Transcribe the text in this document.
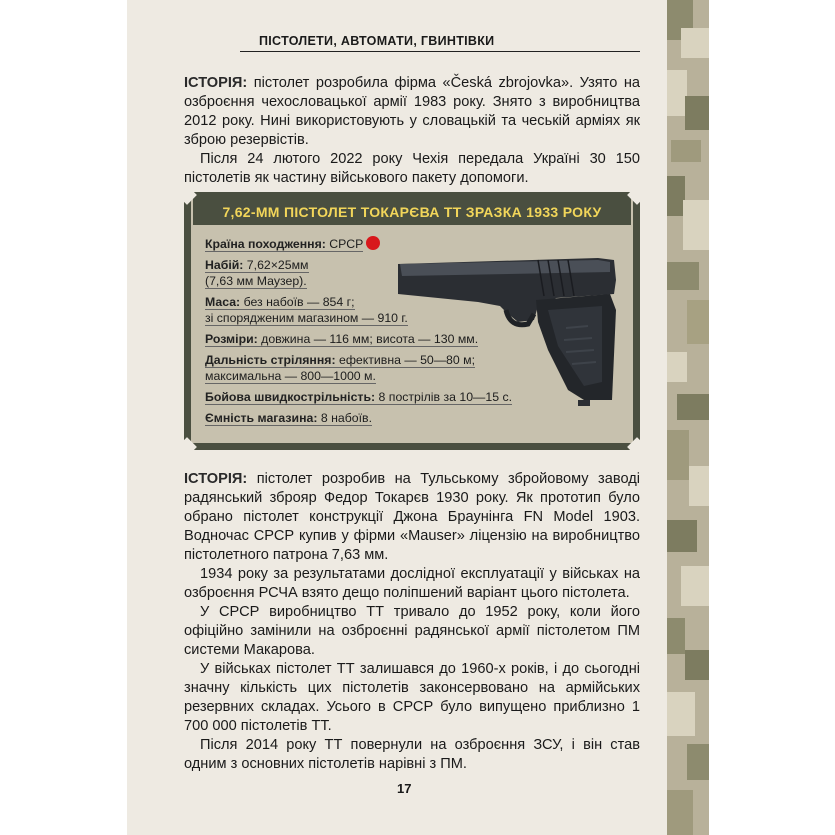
ПІСТОЛЕТИ, АВТОМАТИ, ГВИНТІВКИ

ІСТОРІЯ: пістолет розробила фірма «Česká zbrojovka». Узято на озброєння чехословацької армії 1983 року. Знято з виробництва 2012 року. Нині використовують у словацькій та чеській арміях як зброю резервістів.

Після 24 лютого 2022 року Чехія передала Україні 30 150 пістолетів як частину військового пакету допомоги.

7,62-ММ ПІСТОЛЕТ ТОКАРЄВА ТТ ЗРАЗКА 1933 РОКУ
Країна походження: СРСР
Набій: 7,62×25мм
(7,63 мм Маузер).
Маса: без набоїв — 854 г;
зі спорядженим магазином — 910 г.
Розміри: довжина — 116 мм; висота — 130 мм.
Дальність стріляння: ефективна — 50—80 м;
максимальна — 800—1000 м.
Бойова швидкострільність: 8 пострілів за 10—15 с.
Ємність магазина: 8 набоїв.

ІСТОРІЯ: пістолет розробив на Тульському збройовому заводі радянський зброяр Федор Токарєв 1930 року. Як прототип було обрано пістолет конструкції Джона Браунінга FN Model 1903. Водночас СРСР купив у фірми «Mauser» ліцензію на виробництво пістолетного патрона 7,63 мм.

1934 року за результатами дослідної експлуатації у військах на озброєння РСЧА взято дещо поліпшений варіант цього пістолета.

У СРСР виробництво ТТ тривало до 1952 року, коли його офіційно замінили на озброєнні радянської армії пістолетом ПМ системи Макарова.

У військах пістолет ТТ залишався до 1960-х років, і до сьогодні значну кількість цих пістолетів законсервовано на армійських резервних складах. Усього в СРСР було випущено приблизно 1 700 000 пістолетів ТТ.

Після 2014 року ТТ повернули на озброєння ЗСУ, і він став одним з основних пістолетів нарівні з ПМ.

17
